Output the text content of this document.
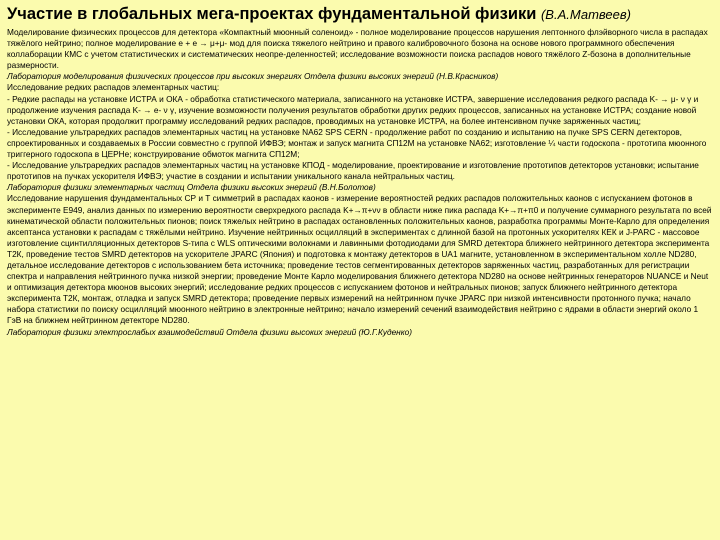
Участие в глобальных мега-проектах фундаментальной физики (В.А.Матвеев)

Моделирование физических процессов для детектора «Компактный мюонный соленоид» - полное моделирование процессов нарушения лептонного флэйворного числа в распадах тяжёлого нейтрино; полное моделирование e + e → μ+μ- мод для поиска тяжелого нейтрино и правого калибровочного бозона на основе нового программного обеспечения коллаборации КМС с учетом статистических и систематических неопре-деленностей; исследование возможности поиска распадов нового тяжёлого Z-бозона в дополнительные размерности.

Лаборатория моделирования физических процессов при высоких энергиях Отдела физики высоких энергий (Н.В.Красников)

Исследование редких распадов элементарных частиц:

- Редкие распады на установке ИСТРА и ОКА - обработка статистического материала, записанного на установке ИСТРА, завершение исследования редкого распада K- → μ- ν γ и продолжение изучения распада K- → e- ν γ, изучение возможности получения результатов обработки других редких процессов, записанных на установке ИСТРА; создание новой установки ОКА, которая продолжит программу исследований редких распадов, проводимых на установке ИСТРА, на более интенсивном пучке заряженных частиц;

- Исследование ультраредких распадов элементарных частиц на установке NA62 SPS CERN - продолжение работ по созданию и испытанию на пучке SPS CERN детекторов, спроектированных и создаваемых в России совместно с группой ИФВЭ; монтаж и запуск магнита СП12М на установке NA62; изготовление ¼ части годоскопа - прототипа мюонного триггерного годоскопа в ЦЕРНе; конструирование обмоток магнита СП12М;

- Исследование ультраредких распадов элементарных частиц на установке КПОД - моделирование, проектирование и изготовление прототипов детекторов установки; испытание прототипов на пучках ускорителя ИФВЭ; участие в создании и испытании уникального канала нейтральных частиц.

Лаборатория физики элементарных частиц Отдела физики высоких энергий (В.Н.Болотов)

Исследование нарушения фундаментальных СР и Т симметрий в распадах каонов - измерение вероятностей редких распадов положительных каонов с испусканием фотонов в эксперименте Е949, анализ данных по измерению вероятности сверхредкого распада K+→π+νν в области ниже пика распада K+→π+π0 и получение суммарного результата по всей кинематической области положительных пионов; поиск тяжелых нейтрино в распадах остановленных положительных каонов, разработка программы Монте-Карло для определения аксептанса установки к распадам с тяжёлыми нейтрино. Изучение нейтринных осцилляций в экспериментах с длинной базой на протонных ускорителях КЕК и J-PARC - массовое изготовление сцинтилляционных детекторов S-типа с WLS оптическими волокнами и лавинными фотодиодами для SMRD детектора ближнего нейтринного детектора эксперимента Т2К, проведение тестов SMRD детекторов на ускорителе JPARC (Япония) и подготовка к монтажу детекторов в UA1 магните, установленном в экспериментальном холле ND280, детальное исследование детекторов с использованием бета источника; проведение тестов сегментированных детекторов заряженных частиц, разработанных для регистрации спектра и направления нейтринного пучка низкой энергии; проведение Монте Карло моделирования ближнего детектора ND280 на основе нейтринных генераторов NUANCE и Neut и оптимизация детектора мюонов высоких энергий; исследование редких процессов с испусканием фотонов и нейтральных пионов; запуск ближнего нейтринного детектора эксперимента Т2К, монтаж, отладка и запуск SMRD детектора; проведение первых измерений на нейтринном пучке JPARC при низкой интенсивности протонного пучка; начало набора статистики по поиску осцилляций мюонного нейтрино в электронные нейтрино; начало измерений сечений взаимодействия нейтрино с ядрами в области энергий около 1 ГэВ на ближнем нейтринном детекторе ND280.

Лаборатория физики электрослабых взаимодействий Отдела физики высоких энергий (Ю.Г.Куденко)
